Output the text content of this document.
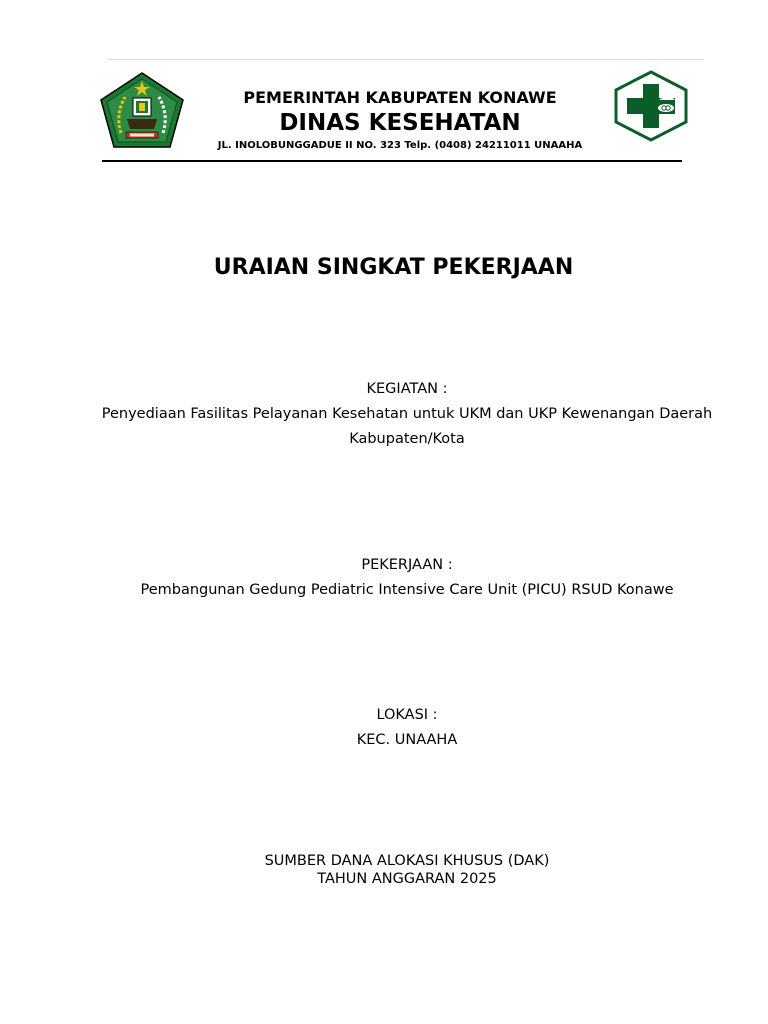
PEMERINTAH KABUPATEN KONAWE
DINAS KESEHATAN
JL. INOLOBUNGGADUE II NO. 323 Telp. (0408) 24211011 UNAAHA
URAIAN SINGKAT PEKERJAAN
KEGIATAN :
Penyediaan Fasilitas Pelayanan Kesehatan untuk UKM dan UKP Kewenangan Daerah
Kabupaten/Kota
PEKERJAAN :
Pembangunan Gedung Pediatric Intensive Care Unit (PICU) RSUD Konawe
LOKASI :
KEC. UNAAHA
SUMBER DANA ALOKASI KHUSUS (DAK)
TAHUN ANGGARAN 2025
